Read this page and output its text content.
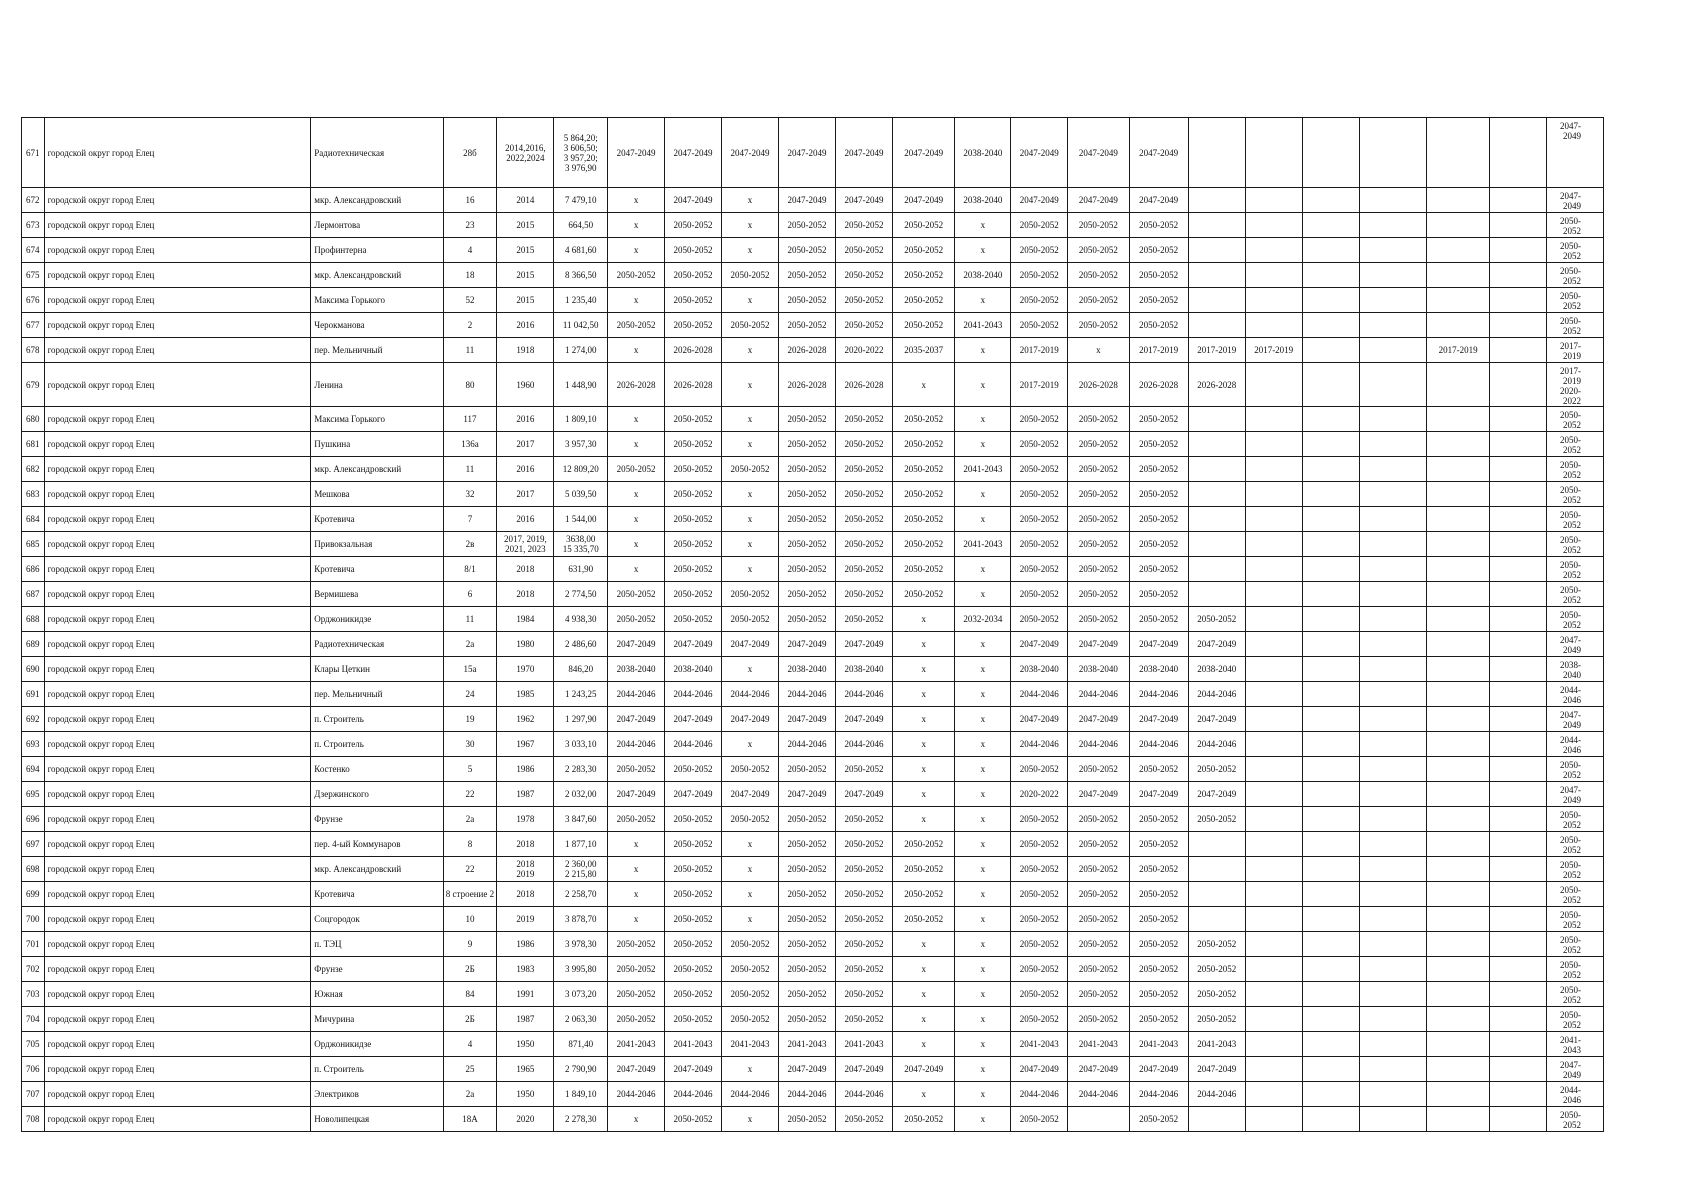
671	городской округ город Елец	Радиотехническая	28б	2014,2016,
2022,2024	5 864,20;
3 606,50;
3 957,20;
3 976,90	2047-2049	2047-2049	2047-2049	2047-2049	2047-2049	2047-2049	2038-2040	2047-2049	2047-2049	2047-2049							2047-2049

672	городской округ город Елец	мкр. Александровский	16	2014	7 479,10	х	2047-2049	х	2047-2049	2047-2049	2047-2049	2038-2040	2047-2049	2047-2049	2047-2049							2047-2049

673	городской округ город Елец	Лермонтова	23	2015	664,50	х	2050-2052	х	2050-2052	2050-2052	2050-2052	х	2050-2052	2050-2052	2050-2052							2050-2052

674	городской округ город Елец	Профинтерна	4	2015	4 681,60	х	2050-2052	х	2050-2052	2050-2052	2050-2052	х	2050-2052	2050-2052	2050-2052							2050-2052

675	городской округ город Елец	мкр. Александровский	18	2015	8 366,50	2050-2052	2050-2052	2050-2052	2050-2052	2050-2052	2050-2052	2038-2040	2050-2052	2050-2052	2050-2052							2050-2052

676	городской округ город Елец	Максима Горького	52	2015	1 235,40	х	2050-2052	х	2050-2052	2050-2052	2050-2052	х	2050-2052	2050-2052	2050-2052							2050-2052

677	городской округ город Елец	Черокманова	2	2016	11 042,50	2050-2052	2050-2052	2050-2052	2050-2052	2050-2052	2050-2052	2041-2043	2050-2052	2050-2052	2050-2052							2050-2052

678	городской округ город Елец	пер. Мельничный	11	1918	1 274,00	х	2026-2028	х	2026-2028	2020-2022	2035-2037	х	2017-2019	х	2017-2019	2017-2019	2017-2019			2017-2019		2017-2019

679	городской округ город Елец	Ленина	80	1960	1 448,90	2026-2028	2026-2028	х	2026-2028	2026-2028	х	х	2017-2019	2026-2028	2026-2028	2026-2028						2017-2019
2020-2022

680	городской округ город Елец	Максима Горького	117	2016	1 809,10	х	2050-2052	х	2050-2052	2050-2052	2050-2052	х	2050-2052	2050-2052	2050-2052							2050-2052

681	городской округ город Елец	Пушкина	136а	2017	3 957,30	х	2050-2052	х	2050-2052	2050-2052	2050-2052	х	2050-2052	2050-2052	2050-2052							2050-2052

682	городской округ город Елец	мкр. Александровский	11	2016	12 809,20	2050-2052	2050-2052	2050-2052	2050-2052	2050-2052	2050-2052	2041-2043	2050-2052	2050-2052	2050-2052							2050-2052

683	городской округ город Елец	Мешкова	32	2017	5 039,50	х	2050-2052	х	2050-2052	2050-2052	2050-2052	х	2050-2052	2050-2052	2050-2052							2050-2052

684	городской округ город Елец	Кротевича	7	2016	1 544,00	х	2050-2052	х	2050-2052	2050-2052	2050-2052	х	2050-2052	2050-2052	2050-2052							2050-2052

685	городской округ город Елец	Привокзальная	2в	2017, 2019,
2021, 2023	3638,00
15 335,70	х	2050-2052	х	2050-2052	2050-2052	2050-2052	2041-2043	2050-2052	2050-2052	2050-2052							2050-2052

686	городской округ город Елец	Кротевича	8/1	2018	631,90	х	2050-2052	х	2050-2052	2050-2052	2050-2052	х	2050-2052	2050-2052	2050-2052							2050-2052

687	городской округ город Елец	Вермишева	6	2018	2 774,50	2050-2052	2050-2052	2050-2052	2050-2052	2050-2052	2050-2052	х	2050-2052	2050-2052	2050-2052							2050-2052

688	городской округ город Елец	Орджоникидзе	11	1984	4 938,30	2050-2052	2050-2052	2050-2052	2050-2052	2050-2052	х	2032-2034	2050-2052	2050-2052	2050-2052	2050-2052						2050-2052

689	городской округ город Елец	Радиотехническая	2а	1980	2 486,60	2047-2049	2047-2049	2047-2049	2047-2049	2047-2049	х	х	2047-2049	2047-2049	2047-2049	2047-2049						2047-2049

690	городской округ город Елец	Клары Цеткин	15а	1970	846,20	2038-2040	2038-2040	х	2038-2040	2038-2040	х	х	2038-2040	2038-2040	2038-2040	2038-2040						2038-2040

691	городской округ город Елец	пер. Мельничный	24	1985	1 243,25	2044-2046	2044-2046	2044-2046	2044-2046	2044-2046	х	х	2044-2046	2044-2046	2044-2046	2044-2046						2044-2046

692	городской округ город Елец	п. Строитель	19	1962	1 297,90	2047-2049	2047-2049	2047-2049	2047-2049	2047-2049	х	х	2047-2049	2047-2049	2047-2049	2047-2049						2047-2049

693	городской округ город Елец	п. Строитель	30	1967	3 033,10	2044-2046	2044-2046	х	2044-2046	2044-2046	х	х	2044-2046	2044-2046	2044-2046	2044-2046						2044-2046

694	городской округ город Елец	Костенко	5	1986	2 283,30	2050-2052	2050-2052	2050-2052	2050-2052	2050-2052	х	х	2050-2052	2050-2052	2050-2052	2050-2052						2050-2052

695	городской округ город Елец	Дзержинского	22	1987	2 032,00	2047-2049	2047-2049	2047-2049	2047-2049	2047-2049	х	х	2020-2022	2047-2049	2047-2049	2047-2049						2047-2049

696	городской округ город Елец	Фрунзе	2а	1978	3 847,60	2050-2052	2050-2052	2050-2052	2050-2052	2050-2052	х	х	2050-2052	2050-2052	2050-2052	2050-2052						2050-2052

697	городской округ город Елец	пер. 4-ый Коммунаров	8	2018	1 877,10	х	2050-2052	х	2050-2052	2050-2052	2050-2052	х	2050-2052	2050-2052	2050-2052							2050-2052

698	городской округ город Елец	мкр. Александровский	22	2018
2019	2 360,00
2 215,80	х	2050-2052	х	2050-2052	2050-2052	2050-2052	х	2050-2052	2050-2052	2050-2052							2050-2052

699	городской округ город Елец	Кротевича	8 строение 2	2018	2 258,70	х	2050-2052	х	2050-2052	2050-2052	2050-2052	х	2050-2052	2050-2052	2050-2052							2050-2052

700	городской округ город Елец	Соцгородок	10	2019	3 878,70	х	2050-2052	х	2050-2052	2050-2052	2050-2052	х	2050-2052	2050-2052	2050-2052							2050-2052

701	городской округ город Елец	п. ТЭЦ	9	1986	3 978,30	2050-2052	2050-2052	2050-2052	2050-2052	2050-2052	х	х	2050-2052	2050-2052	2050-2052	2050-2052						2050-2052

702	городской округ город Елец	Фрунзе	2Б	1983	3 995,80	2050-2052	2050-2052	2050-2052	2050-2052	2050-2052	х	х	2050-2052	2050-2052	2050-2052	2050-2052						2050-2052

703	городской округ город Елец	Южная	84	1991	3 073,20	2050-2052	2050-2052	2050-2052	2050-2052	2050-2052	х	х	2050-2052	2050-2052	2050-2052	2050-2052						2050-2052

704	городской округ город Елец	Мичурина	2Б	1987	2 063,30	2050-2052	2050-2052	2050-2052	2050-2052	2050-2052	х	х	2050-2052	2050-2052	2050-2052	2050-2052						2050-2052

705	городской округ город Елец	Орджоникидзе	4	1950	871,40	2041-2043	2041-2043	2041-2043	2041-2043	2041-2043	х	х	2041-2043	2041-2043	2041-2043	2041-2043						2041-2043

706	городской округ город Елец	п. Строитель	25	1965	2 790,90	2047-2049	2047-2049	х	2047-2049	2047-2049	2047-2049	х	2047-2049	2047-2049	2047-2049	2047-2049						2047-2049

707	городской округ город Елец	Электриков	2а	1950	1 849,10	2044-2046	2044-2046	2044-2046	2044-2046	2044-2046	х	х	2044-2046	2044-2046	2044-2046	2044-2046						2044-2046

708	городской округ город Елец	Новолипецкая	18А	2020	2 278,30	х	2050-2052	х	2050-2052	2050-2052	2050-2052	х	2050-2052		2050-2052							2050-2052
